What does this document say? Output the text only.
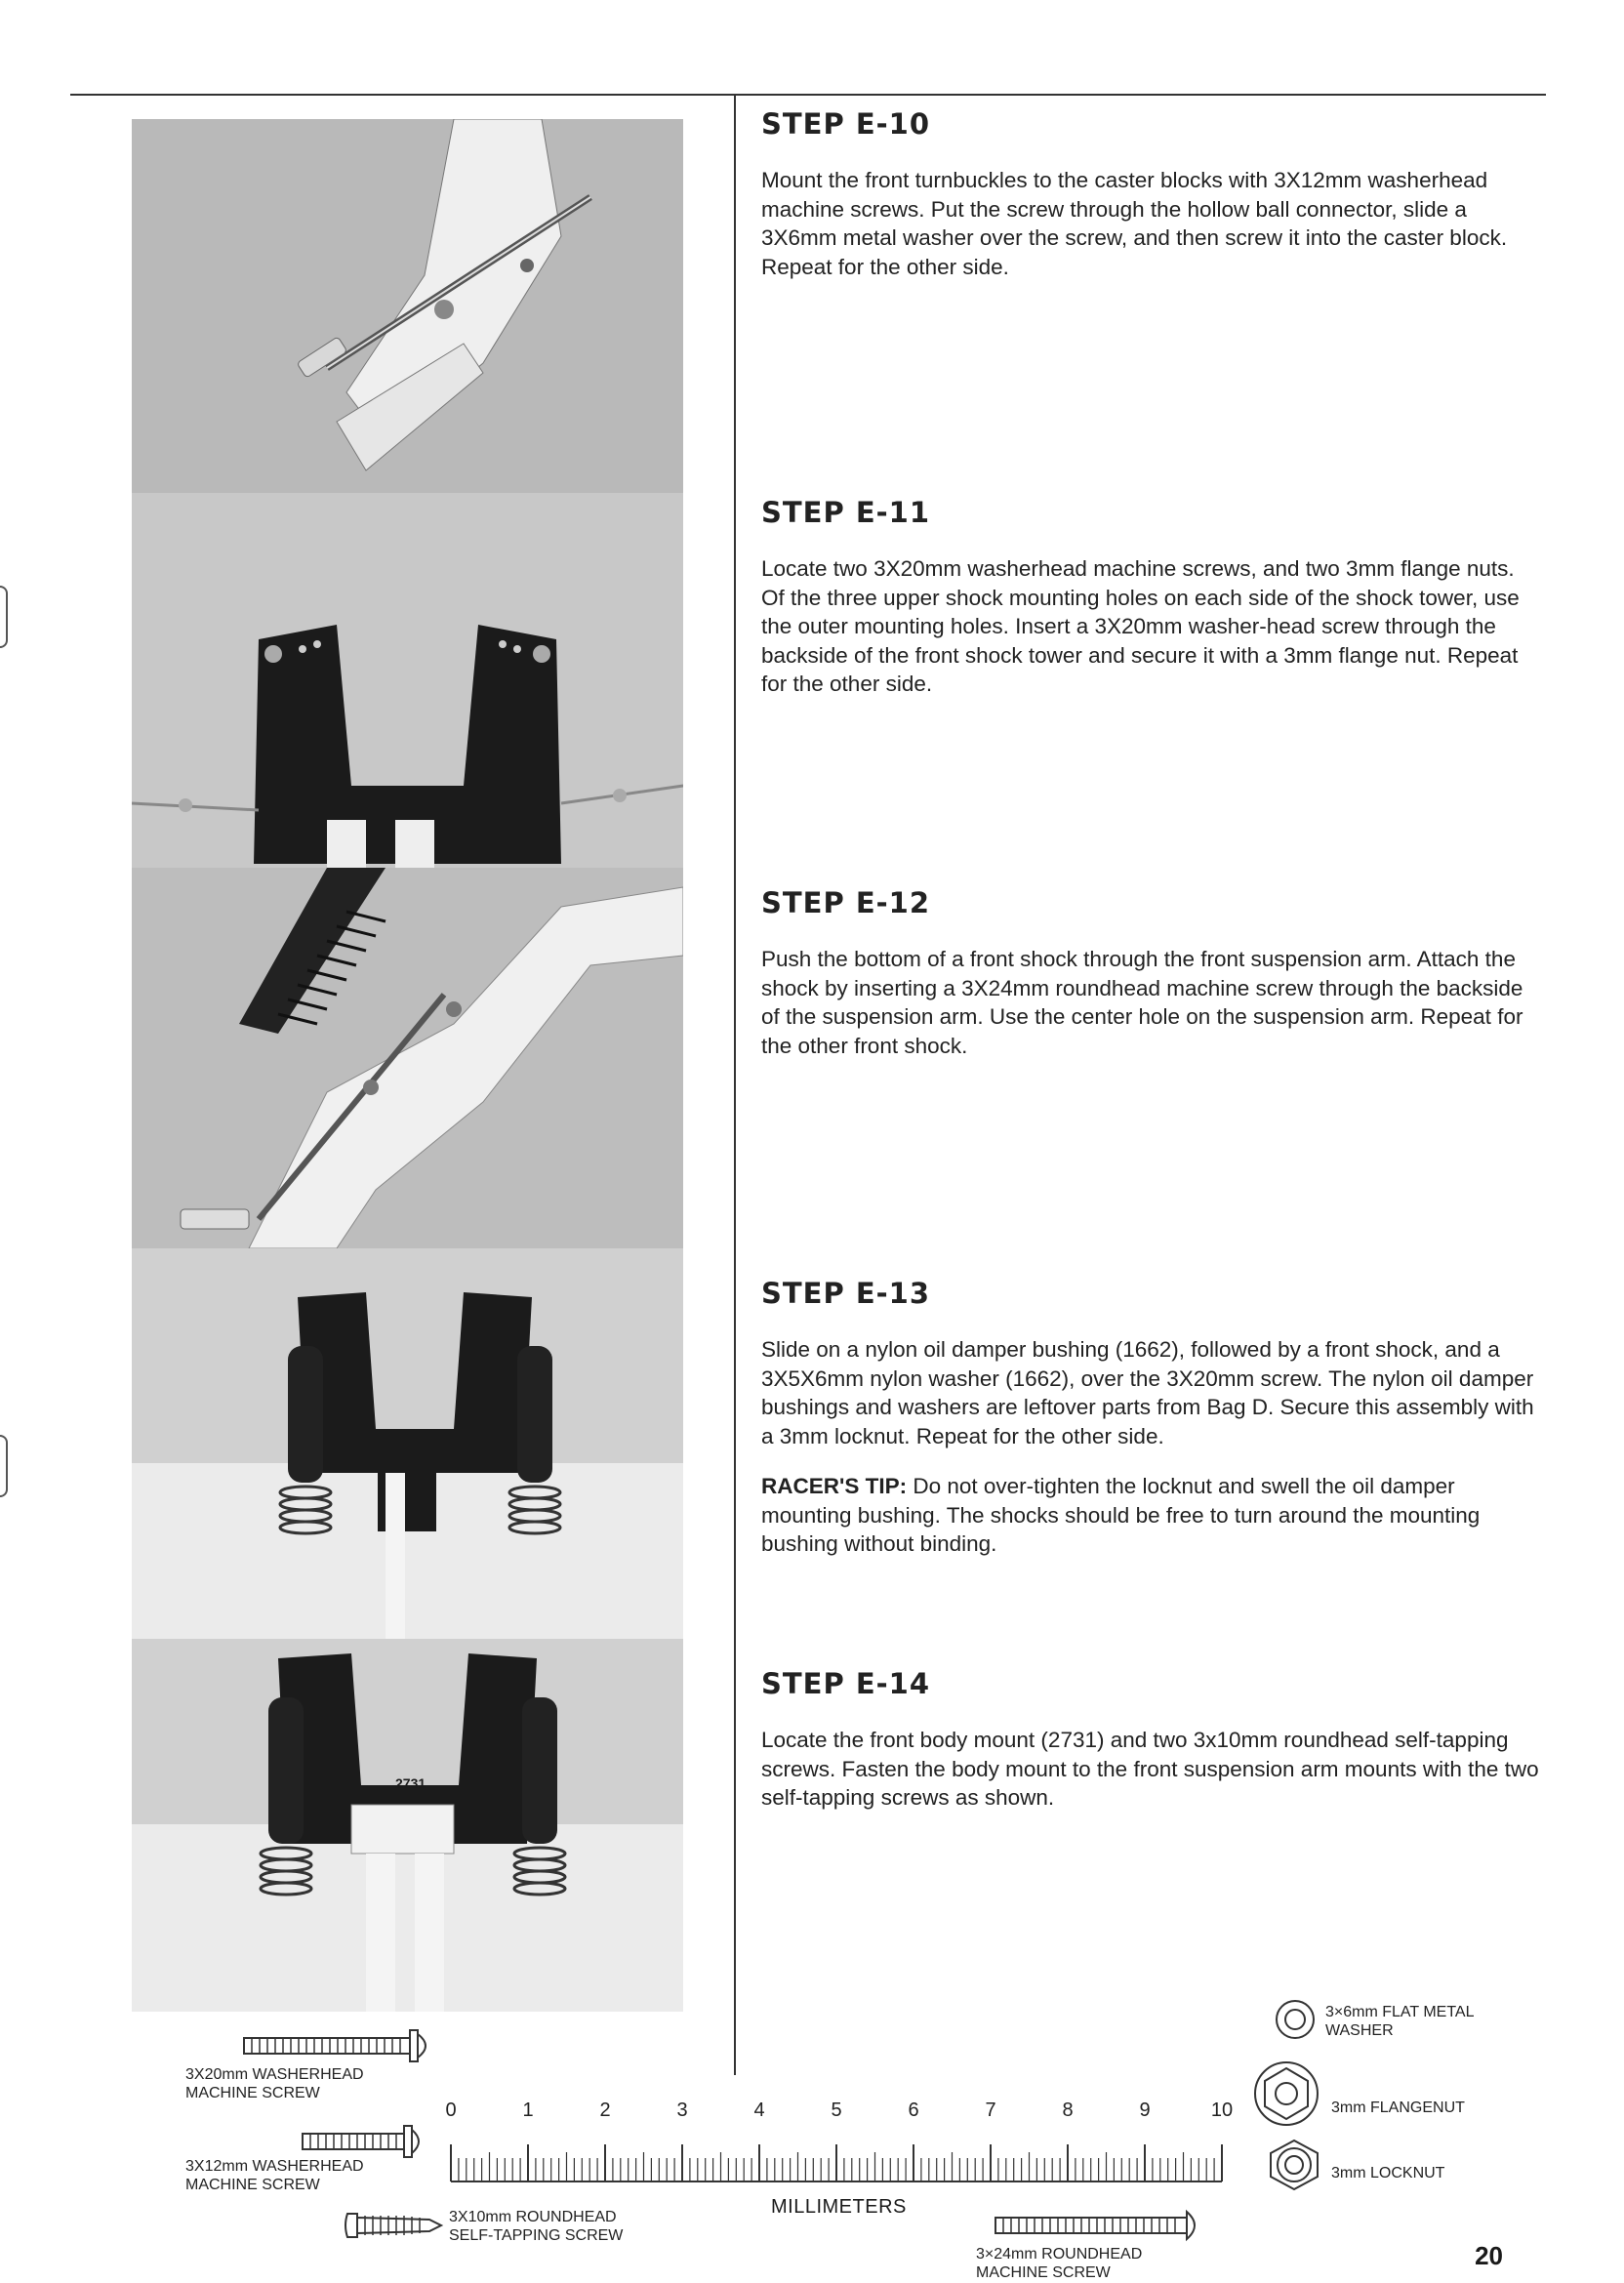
2731
STEP E-10

Mount the front turnbuckles to the caster blocks with 3X12mm washerhead machine screws. Put the screw through the hollow ball connector, slide a 3X6mm metal washer over the screw, and then screw it into the caster block. Repeat for the other side.

STEP E-11

Locate two 3X20mm washerhead machine screws, and two 3mm flange nuts. Of the three upper shock mounting holes on each side of the shock tower, use the outer mounting holes. Insert a 3X20mm washer-head screw through the backside of the front shock tower and secure it with a 3mm flange nut. Repeat for the other side.

STEP E-12

Push the bottom of a front shock through the front suspension arm. Attach the shock by inserting a 3X24mm roundhead machine screw through the backside of the suspension arm. Use the center hole on the suspension arm. Repeat for the other front shock.

STEP E-13

Slide on a nylon oil damper bushing (1662), followed by a front shock, and a 3X5X6mm nylon washer (1662), over the 3X20mm screw. The nylon oil damper bushings and washers are leftover parts from Bag D. Secure this assembly with a 3mm locknut. Repeat for the other side.

RACER'S TIP: Do not over-tighten the locknut and swell the oil damper mounting bushing. The shocks should be free to turn around the mounting bushing without binding.

STEP E-14

Locate the front body mount (2731) and two 3x10mm roundhead self-tapping screws. Fasten the body mount to the front suspension arm mounts with the two self-tapping screws as shown.

3X20mm WASHERHEAD
MACHINE SCREW
3X12mm WASHERHEAD
MACHINE SCREW
3X10mm ROUNDHEAD
SELF-TAPPING SCREW
3×24mm ROUNDHEAD
MACHINE SCREW
0	1	2	3	4	5	6	7	8	9	10
MILLIMETERS
3×6mm FLAT METAL
WASHER
3mm FLANGENUT
3mm LOCKNUT
20
